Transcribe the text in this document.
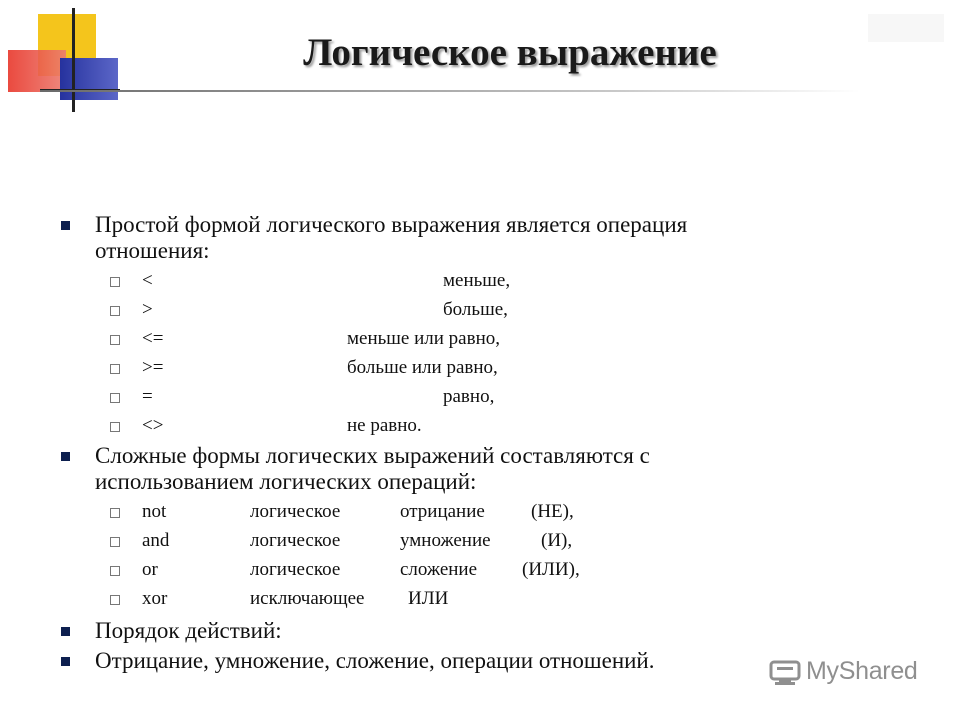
Логическое выражение
Простой формой логического выражения является операция
отношения:
<	меньше,
>	больше,
<=	меньше или равно,
>=	больше или равно,
=	равно,
<>	не равно.
Сложные формы логических выражений составляются с
использованием логических операций:
not	логическое	отрицание (НЕ),
and	логическое	умножение	(И),
or	логическое	сложение (ИЛИ),
xor	исключающее ИЛИ
Порядок действий:
Отрицание, умножение, сложение, операции отношений.	MyShared
